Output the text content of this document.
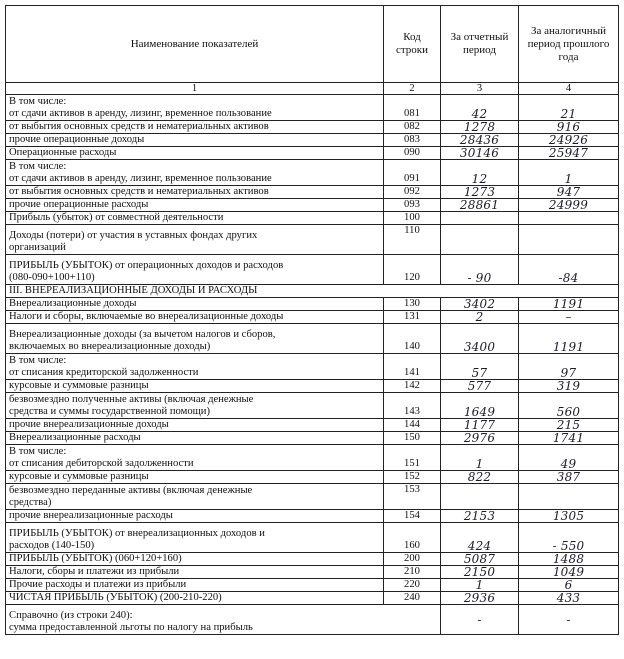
Наименование показателей	Код строки	За отчетный период	За аналогичный период прошлого года
1	2	3	4

В том числе:
от сдачи активов в аренду, лизинг, временное пользование	081	42	21

от выбытия основных средств и нематериальных активов	082	1278	916

прочие операционные доходы	083	28436	24926

Операционные расходы	090	30146	25947

В том числе:
от сдачи активов в аренду, лизинг, временное пользование	091	12	1

от выбытия основных средств и нематериальных активов	092	1273	947

прочие операционные расходы	093	28861	24999

Прибыль (убыток) от совместной деятельности	100		

Доходы (потери) от участия в уставных фондах других
организаций	110		

ПРИБЫЛЬ (УБЫТОК) от операционных доходов и расходов
(080-090+100+110)	120	- 90	-84
III. ВНЕРЕАЛИЗАЦИОННЫЕ ДОХОДЫ И РАСХОДЫ			

Внереализационные доходы	130	3402	1191

Налоги и сборы, включаемые во внереализационные доходы	131	2	–

Внереализационные доходы (за вычетом налогов и сборов,
включаемых во внереализационные доходы)	140	3400	1191

В том числе:
от списания кредиторской задолженности	141	57	97

курсовые и суммовые разницы	142	577	319

безвозмездно полученные активы (включая денежные
средства и суммы государственной помощи)	143	1649	560

прочие внереализационные доходы	144	1177	215

Внереализационные расходы	150	2976	1741

В том числе:
от списания дебиторской задолженности	151	1	49

курсовые и суммовые разницы	152	822	387

безвозмездно переданные активы (включая денежные
средства)	153		

прочие внереализационные расходы	154	2153	1305

ПРИБЫЛЬ (УБЫТОК) от внереализационных доходов и
расходов (140-150)	160	424	- 550

ПРИБЫЛЬ (УБЫТОК) (060+120+160)	200	5087	1488

Налоги, сборы и платежи из прибыли	210	2150	1049

Прочие расходы и платежи из прибыли	220	1	6

ЧИСТАЯ ПРИБЫЛЬ (УБЫТОК) (200-210-220)	240	2936	433

Справочно (из строки 240):
сумма предоставленной льготы по налогу на прибыль		-	-
